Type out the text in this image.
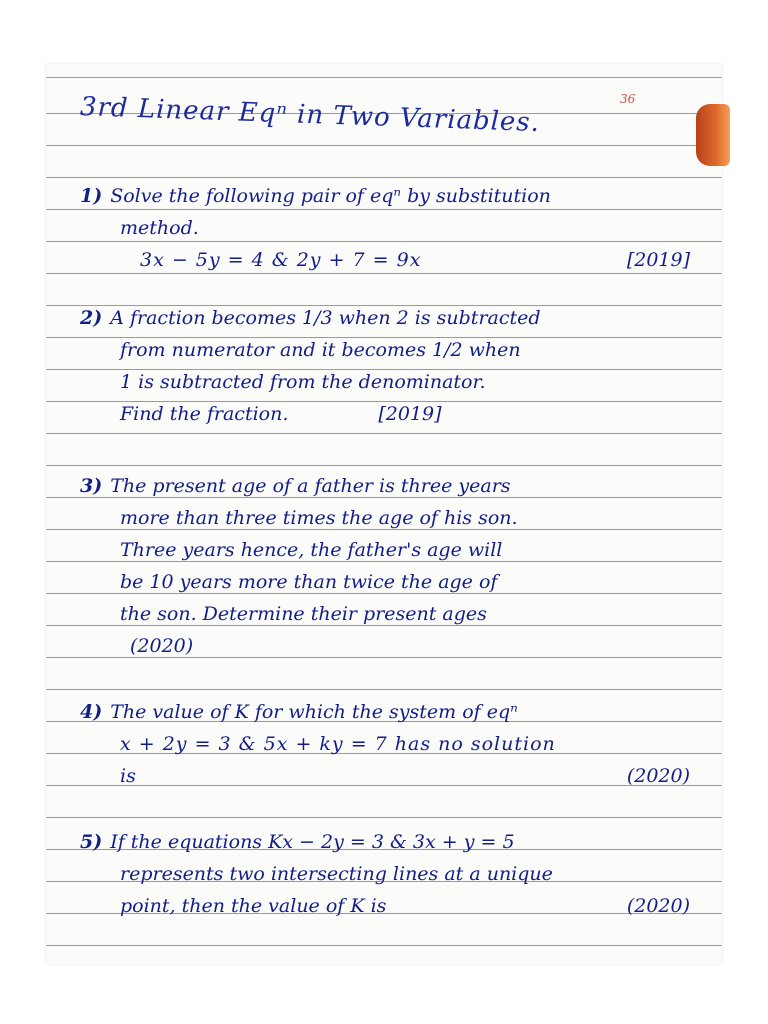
36
3rd Linear Eqⁿ in Two Variables.
1) Solve the following pair of eqⁿ by substitution
method.
3x − 5y = 4 & 2y + 7 = 9x	[2019]
2) A fraction becomes 1/3 when 2 is subtracted
from numerator and it becomes 1/2 when
1 is subtracted from the denominator.
Find the fraction.	[2019]
3) The present age of a father is three years
more than three times the age of his son.
Three years hence, the father's age will
be 10 years more than twice the age of
the son. Determine their present ages
(2020)
4) The value of K for which the system of eqⁿ
x + 2y = 3 & 5x + ky = 7 has no solution
is	(2020)
5) If the equations Kx − 2y = 3 & 3x + y = 5
represents two intersecting lines at a unique
point, then the value of K is	(2020)
